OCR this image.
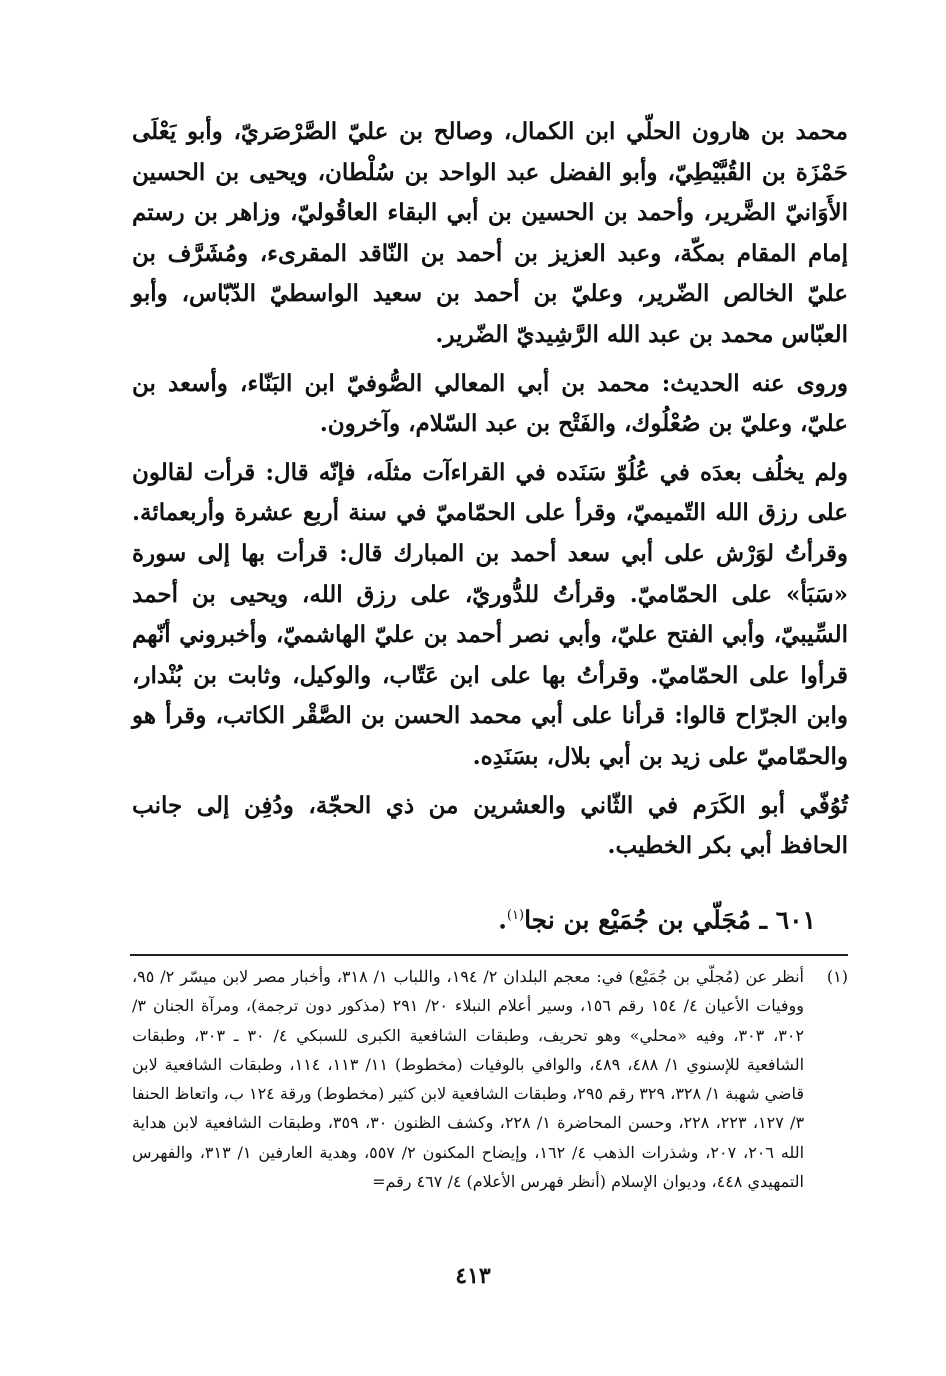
محمد بن هارون الحلّي ابن الكمال، وصالح بن عليّ الصَّرْصَريّ، وأبو يَعْلَى حَمْزَة بن القُبَّيْطِيّ، وأبو الفضل عبد الواحد بن سُلْطان، ويحيى بن الحسين الأَوَانيّ الضَّرير، وأحمد بن الحسين بن أبي البقاء العاقُوليّ، وزاهر بن رستم إمام المقام بمكّة، وعبد العزيز بن أحمد بن النّاقد المقرىء، ومُشَرَّف بن عليّ الخالص الضّرير، وعليّ بن أحمد بن سعيد الواسطيّ الدّبّاس، وأبو العبّاس محمد بن عبد الله الرَّشِيديّ الضّرير.

وروى عنه الحديث: محمد بن أبي المعالي الصُّوفيّ ابن البَنّاء، وأسعد بن عليّ، وعليّ بن صُعْلُوك، والفَتْح بن عبد السّلام، وآخرون.

ولم يخلُف بعدَه في عُلُوّ سَنَده في القراءآت مثلَه، فإنّه قال: قرأت لقالون على رزق الله التّميميّ، وقرأ على الحمّاميّ في سنة أربع عشرة وأربعمائة. وقرأتُ لوَرْش على أبي سعد أحمد بن المبارك قال: قرأت بها إلى سورة «سَبَأ» على الحمّاميّ. وقرأتُ للدُّوريّ، على رزق الله، ويحيى بن أحمد السِّيبيّ، وأبي الفتح عليّ، وأبي نصر أحمد بن عليّ الهاشميّ، وأخبروني أنّهم قرأوا على الحمّاميّ. وقرأتُ بها على ابن عَتّاب، والوكيل، وثابت بن بُنْدار، وابن الجرّاح قالوا: قرأنا على أبي محمد الحسن بن الصَّقْر الكاتب، وقرأ هو والحمّاميّ على زيد بن أبي بلال، بسَنَدِه.

تُوُفّي أبو الكَرَم في الثّاني والعشرين من ذي الحجّة، ودُفِن إلى جانب الحافظ أبي بكر الخطيب.

٦٠١ ـ مُجَلّي بن جُمَيْع بن نجا$^{(١)}$.
(١)
أنظر عن (مُجلّي بن جُمَيْع) في: معجم البلدان ٢/ ١٩٤، واللباب ١/ ٣١٨، وأخبار مصر لابن ميسّر ٢/ ٩٥، ووفيات الأعيان ٤/ ١٥٤ رقم ١٥٦، وسير أعلام النبلاء ٢٠/ ٢٩١ (مذكور دون ترجمة)، ومرآة الجنان ٣/ ٣٠٢، ٣٠٣، وفيه «محلي» وهو تحريف، وطبقات الشافعية الكبرى للسبكي ٤/ ٣٠ ـ ٣٠٣، وطبقات الشافعية للإسنوي ١/ ٤٨٨، ٤٨٩، والوافي بالوفيات (مخطوط) ١١/ ١١٣، ١١٤، وطبقات الشافعية لابن قاضي شهبة ١/ ٣٢٨، ٣٢٩ رقم ٢٩٥، وطبقات الشافعية لابن كثير (مخطوط) ورقة ١٢٤ ب، واتعاظ الحنفا ٣/ ١٢٧، ٢٢٣، ٢٢٨، وحسن المحاضرة ١/ ٢٢٨، وكشف الظنون ٣٠، ٣٥٩، وطبقات الشافعية لابن هداية الله ٢٠٦، ٢٠٧، وشذرات الذهب ٤/ ١٦٢، وإيضاح المكنون ٢/ ٥٥٧، وهدية العارفين ١/ ٣١٣، والفهرس التمهيدي ٤٤٨، وديوان الإسلام (أنظر فهرس الأعلام) ٤/ ٤٦٧ رقم=
٤١٣
